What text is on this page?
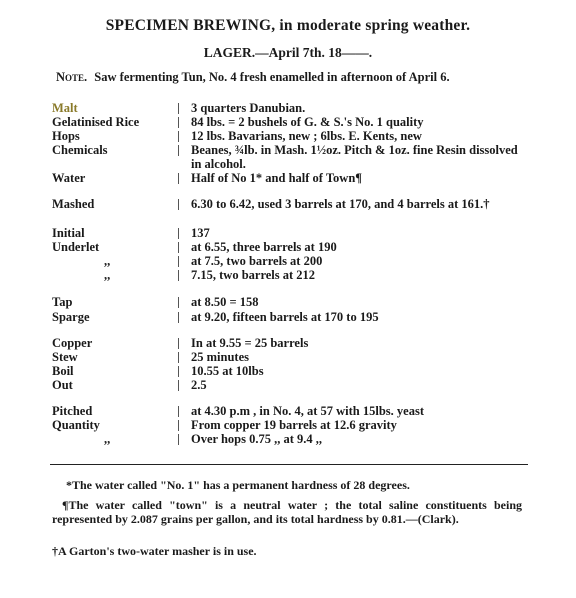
SPECIMEN BREWING, in moderate spring weather.
LAGER.—April 7th. 18——.
Note. Saw fermenting Tun, No. 4 fresh enamelled in afternoon of April 6.
Malt	3 quarters Danubian.
Gelatinised Rice	84 lbs. = 2 bushels of G. & S.'s No. 1 quality
Hops	12 lbs. Bavarians, new ; 6lbs. E. Kents, new
Chemicals	Beanes, ¾lb. in Mash. 1½oz. Pitch & 1oz. fine Resin dissolved in alcohol.
Water	Half of No 1* and half of Town¶
Mashed	6.30 to 6.42, used 3 barrels at 170, and 4 barrels at 161.†
Initial	137
Underlet	at 6.55, three barrels at 190
,,	at 7.5, two barrels at 200
,,	7.15, two barrels at 212
Tap	at 8.50 = 158
Sparge	at 9.20, fifteen barrels at 170 to 195
Copper	In at 9.55 = 25 barrels
Stew	25 minutes
Boil	10.55 at 10lbs
Out	2.5
Pitched	at 4.30 p.m , in No. 4, at 57 with 15lbs. yeast
Quantity	From copper 19 barrels at 12.6 gravity
,,	Over hops 0.75 ,, at 9.4 ,,
*The water called "No. 1" has a permanent hardness of 28 degrees.
¶The water called "town" is a neutral water ; the total saline constituents being represented by 2.087 grains per gallon, and its total hardness by 0.81.—(Clark).
†A Garton's two-water masher is in use.
